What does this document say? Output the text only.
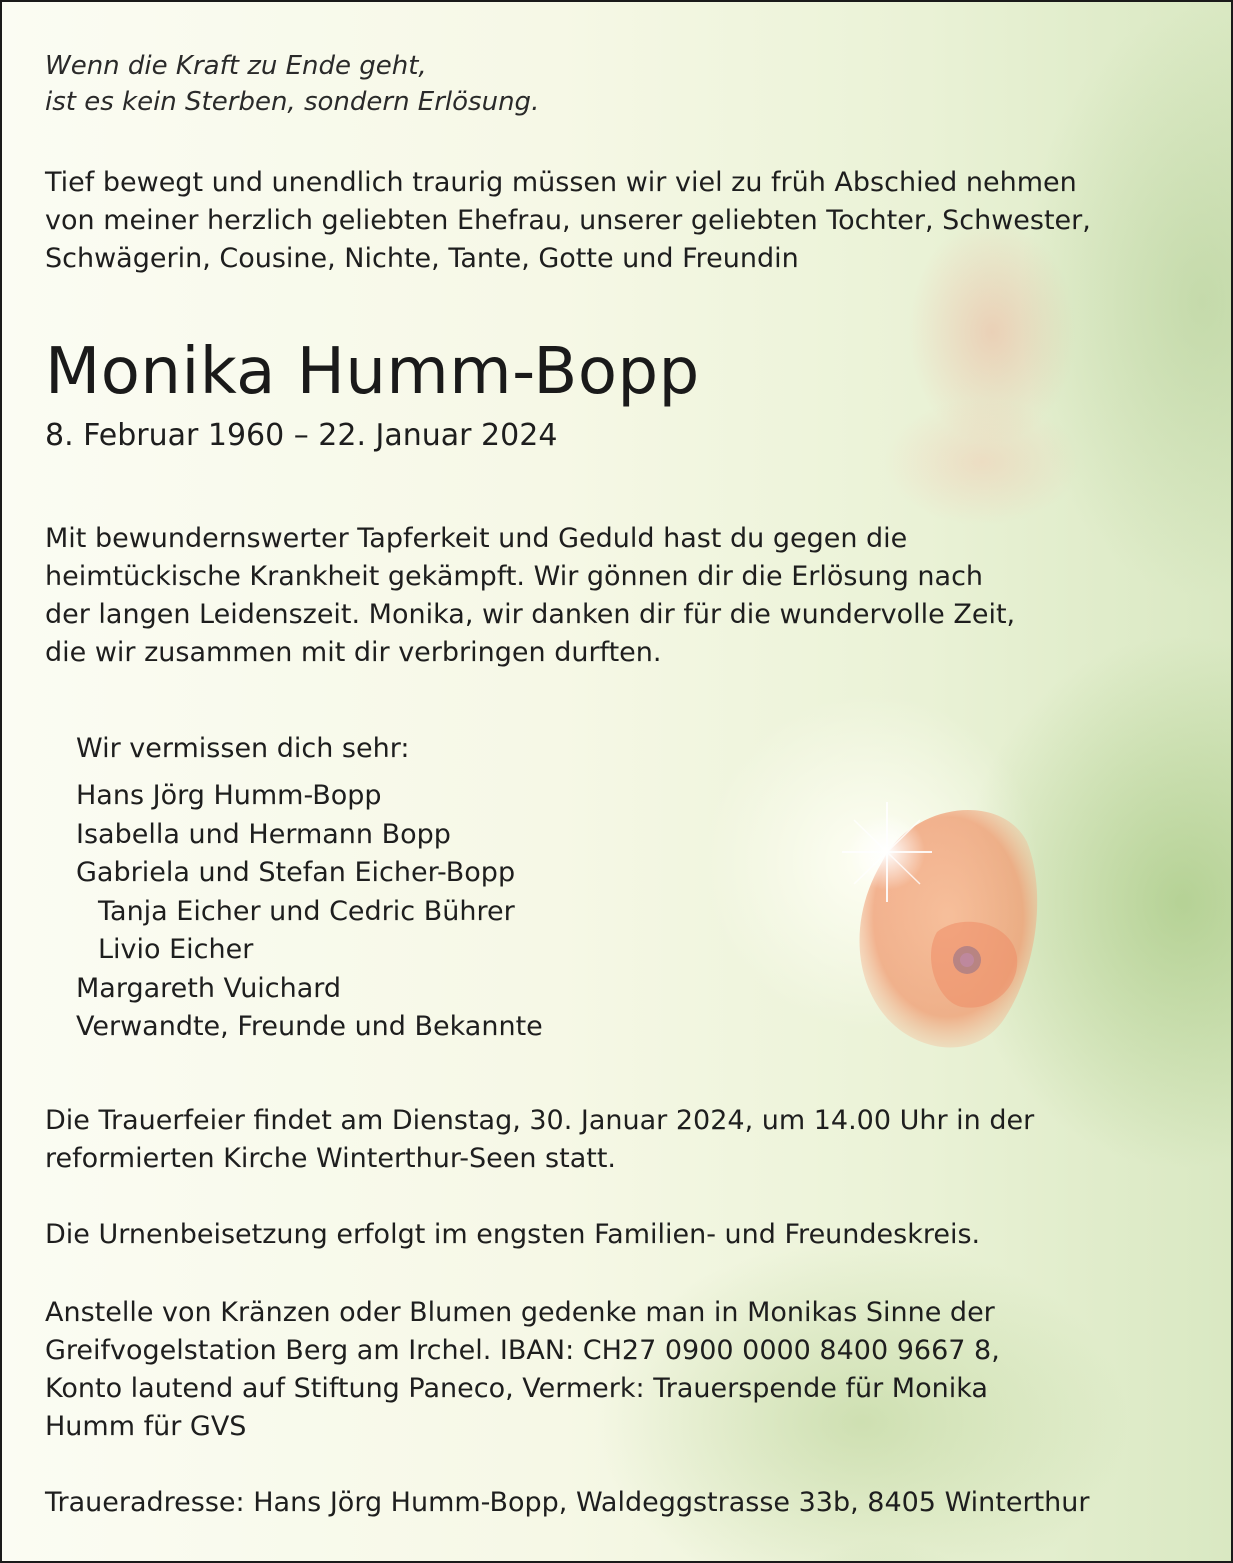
Wenn die Kraft zu Ende geht,
ist es kein Sterben, sondern Erlösung.
Tief bewegt und unendlich traurig müssen wir viel zu früh Abschied nehmen
von meiner herzlich geliebten Ehefrau, unserer geliebten Tochter, Schwester,
Schwägerin, Cousine, Nichte, Tante, Gotte und Freundin
Monika Humm-Bopp
8. Februar 1960 – 22. Januar 2024
Mit bewundernswerter Tapferkeit und Geduld hast du gegen die
heimtückische Krankheit gekämpft. Wir gönnen dir die Erlösung nach
der langen Leidenszeit. Monika, wir danken dir für die wundervolle Zeit,
die wir zusammen mit dir verbringen durften.
Wir vermissen dich sehr:
Hans Jörg Humm-Bopp
Isabella und Hermann Bopp
Gabriela und Stefan Eicher-Bopp
Tanja Eicher und Cedric Bührer
Livio Eicher
Margareth Vuichard
Verwandte, Freunde und Bekannte
Die Trauerfeier findet am Dienstag, 30. Januar 2024, um 14.00 Uhr in der
reformierten Kirche Winterthur-Seen statt.
Die Urnenbeisetzung erfolgt im engsten Familien- und Freundeskreis.
Anstelle von Kränzen oder Blumen gedenke man in Monikas Sinne der
Greifvogelstation Berg am Irchel. IBAN: CH27 0900 0000 8400 9667 8,
Konto lautend auf Stiftung Paneco, Vermerk: Trauerspende für Monika
Humm für GVS
Traueradresse: Hans Jörg Humm-Bopp, Waldeggstrasse 33b, 8405 Winterthur
